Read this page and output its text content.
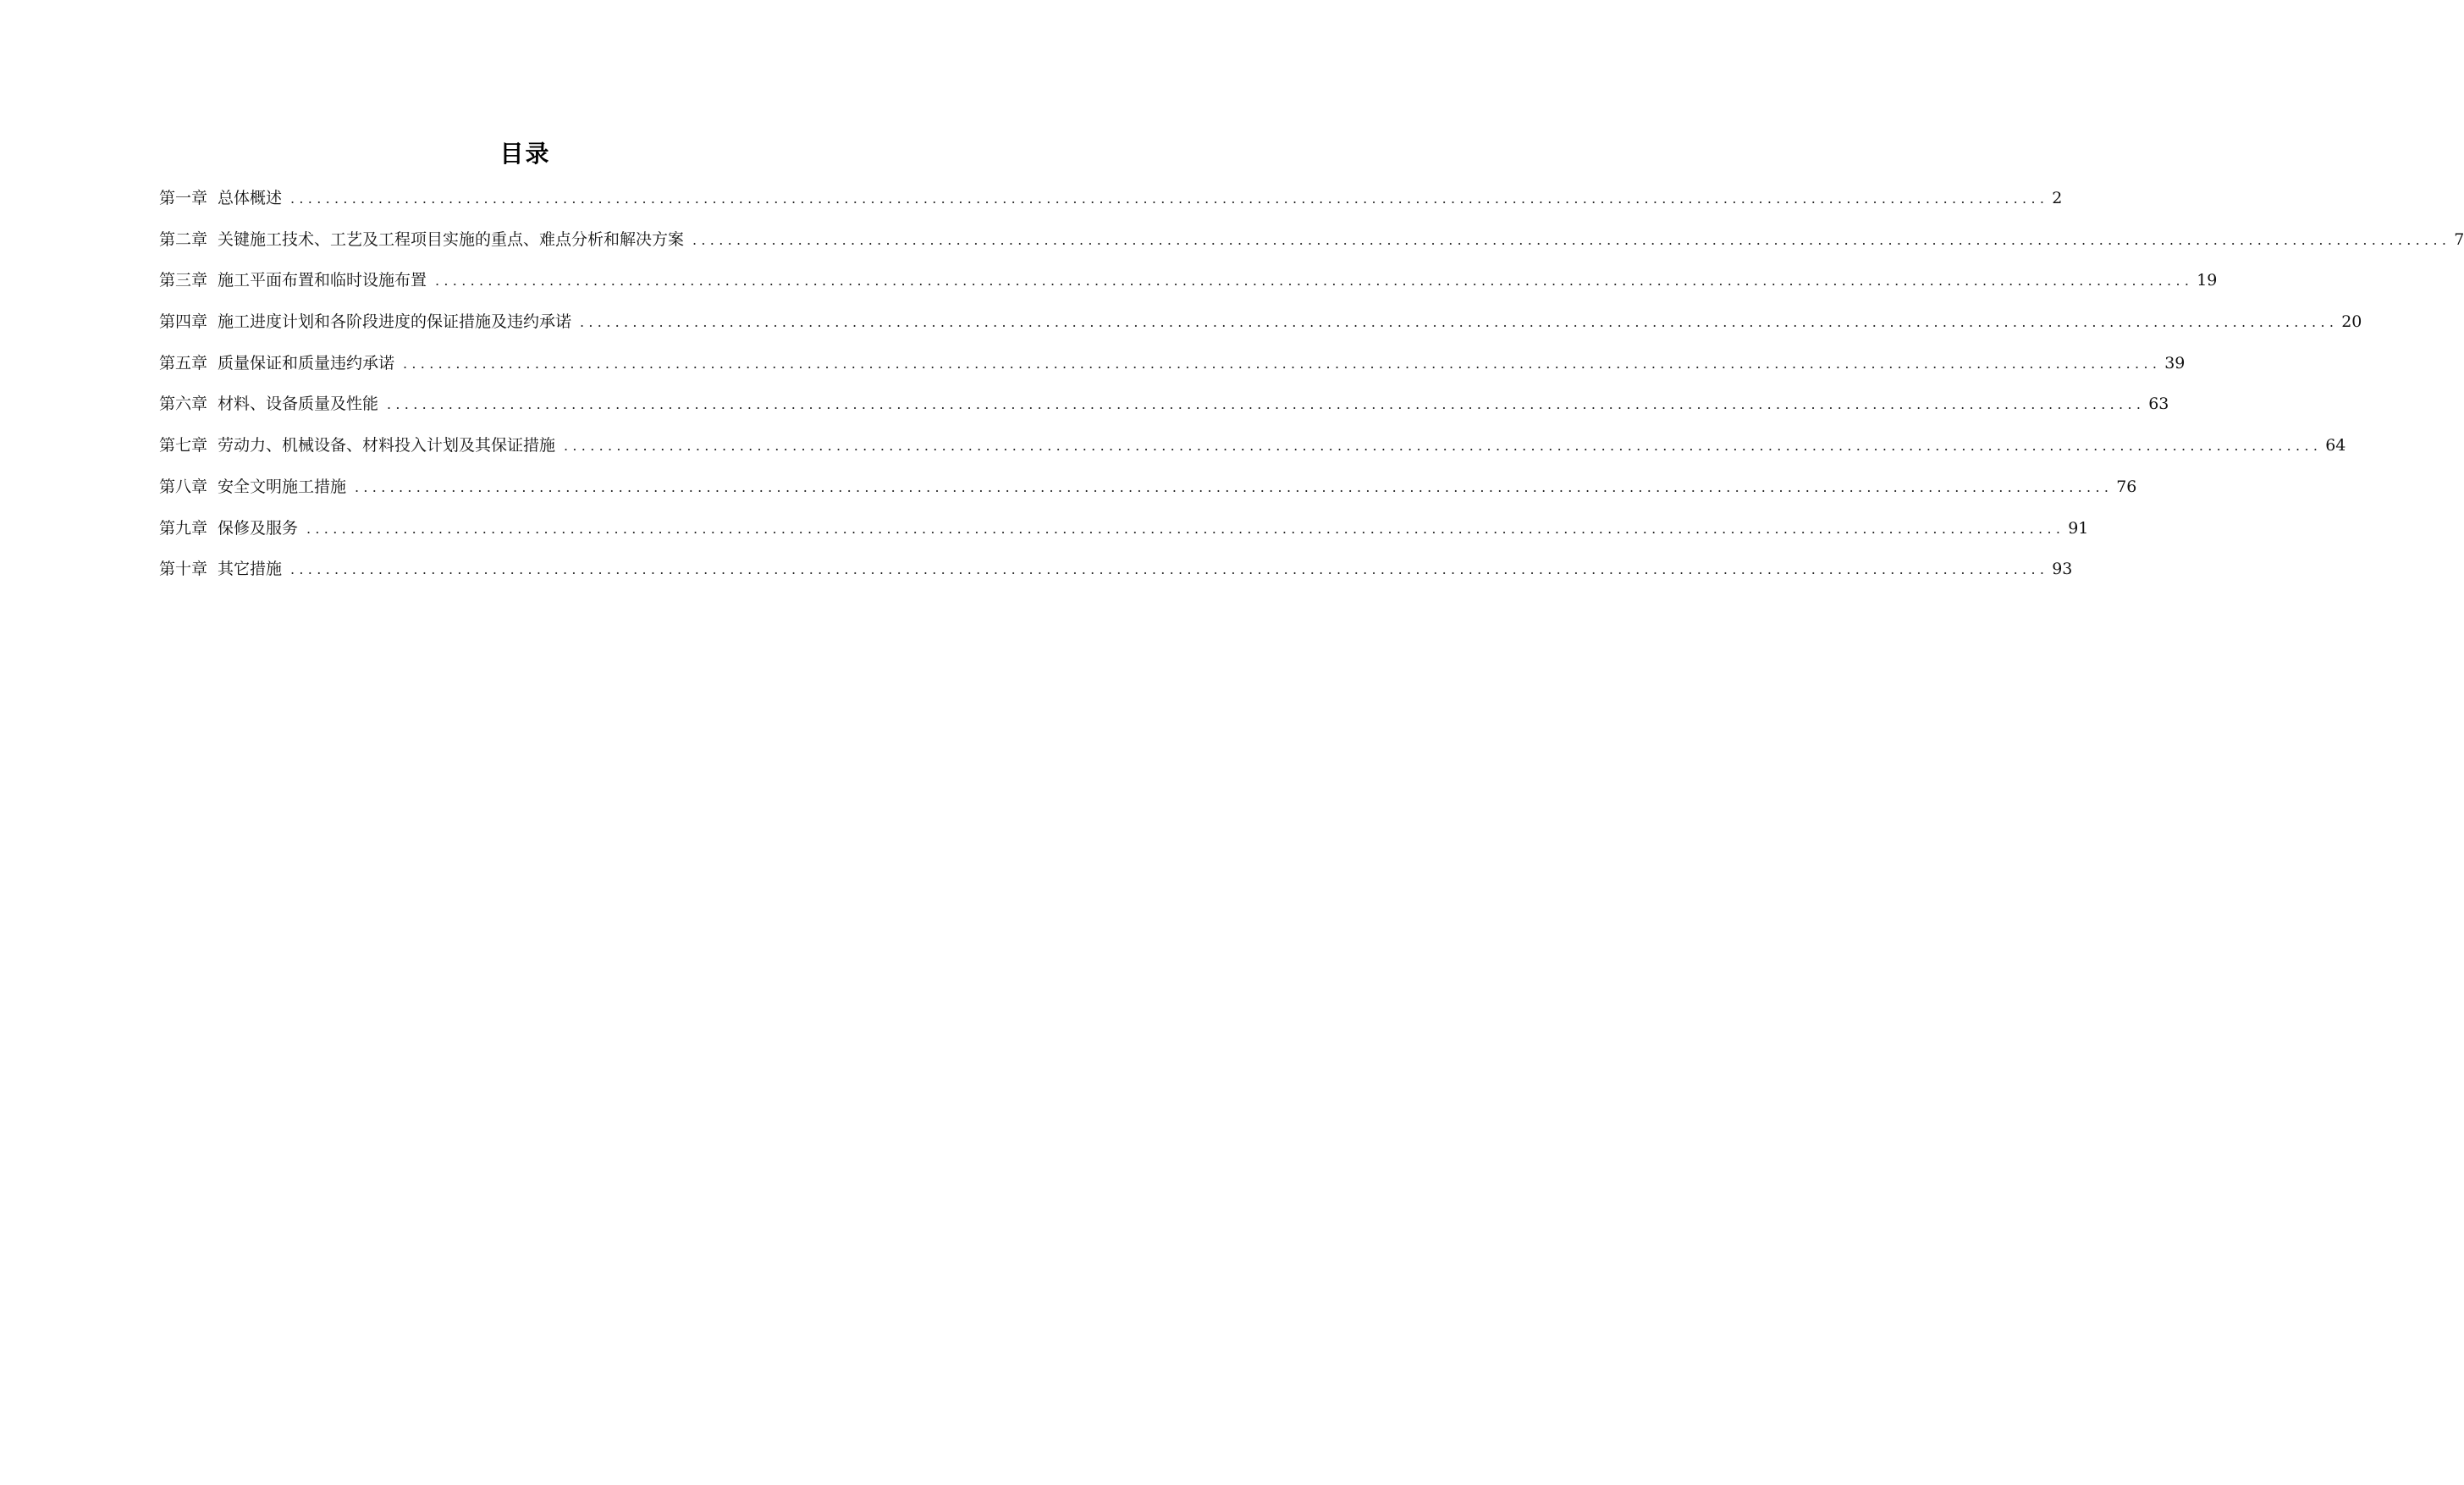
目录
第一章 总体概述 ........................................................................................................................................................................................................ 2
第二章 关键施工技术、工艺及工程项目实施的重点、难点分析和解决方案 ........................................................................................................................................................................................................ 7
第三章 施工平面布置和临时设施布置 ........................................................................................................................................................................................................ 19
第四章 施工进度计划和各阶段进度的保证措施及违约承诺 ........................................................................................................................................................................................................ 20
第五章 质量保证和质量违约承诺 ........................................................................................................................................................................................................ 39
第六章 材料、设备质量及性能 ........................................................................................................................................................................................................ 63
第七章 劳动力、机械设备、材料投入计划及其保证措施 ........................................................................................................................................................................................................ 64
第八章 安全文明施工措施 ........................................................................................................................................................................................................ 76
第九章 保修及服务 ........................................................................................................................................................................................................ 91
第十章 其它措施 ........................................................................................................................................................................................................ 93
